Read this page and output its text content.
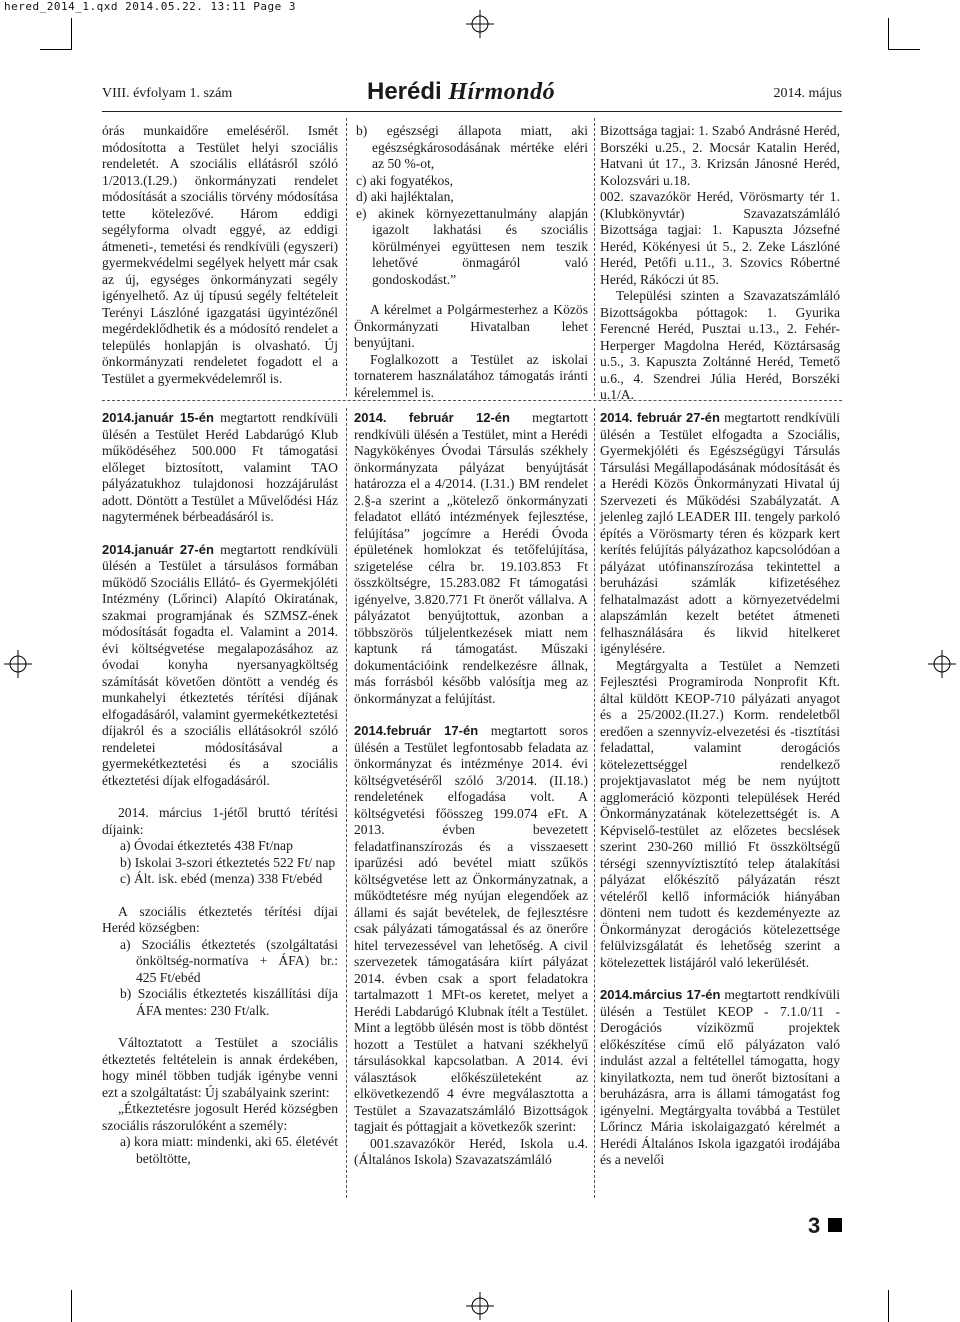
hered_2014_1.qxd 2014.05.22. 13:11 Page 3
VIII. évfolyam 1. szám	Herédi Hírmondó	2014. május

órás munkaidőre emeléséről. Ismét módosította a Testület helyi szociális rendeletét. A szociális ellátásról szóló 1/2013.(I.29.) önkormányzati rendelet módosítását a szociális törvény módosítása tette kötelezővé. Három eddigi segélyforma olvadt eggyé, az eddigi átmeneti-, temetési és rendkívüli (egyszeri) gyermekvédelmi segélyek helyett már csak az új, egységes önkormányzati segély igényelhető. Az új típusú segély feltételeit Terényi Lászlóné igazgatási ügyintézőnél megérdeklődhetik és a módosító rendelet a település honlapján is olvasható. Új önkormányzati rendeletet fogadott el a Testület a gyermekvédelemről is.

b) egészségi állapota miatt, aki egészségkárosodásának mértéke eléri az 50 %-ot,

c) aki fogyatékos,

d) aki hajléktalan,

e) akinek környezettanulmány alapján igazolt lakhatási és szociális körülményei együttesen nem teszik lehetővé önmagáról való gondoskodást.”

A kérelmet a Polgármesterhez a Közös Önkormányzati Hivatalban lehet benyújtani.

Foglalkozott a Testület az iskolai tornaterem használatához támogatás iránti kérelemmel is.

Bizottsága tagjai: 1. Szabó Andrásné Heréd, Borszéki u.25., 2. Mocsár Katalin Heréd, Hatvani út 17., 3. Krizsán Jánosné Heréd, Kolozsvári u.18.

002. szavazókör Heréd, Vörösmarty tér 1. (Klubkönyvtár) Szavazatszámláló Bizottsága tagjai: 1. Kapuszta Józsefné Heréd, Kökényesi út 5., 2. Zeke Lászlóné Heréd, Petőfi u.11., 3. Szovics Róbertné Heréd, Rákóczi út 85.

Települési szinten a Szavazatszámláló Bizottságokba póttagok: 1. Gyurika Ferencné Heréd, Pusztai u.13., 2. Fehér-Herperger Magdolna Heréd, Köztársaság u.5., 3. Kapuszta Zoltánné Heréd, Temető u.6., 4. Szendrei Júlia Heréd, Borszéki u.1/A.

2014.január 15-én megtartott rendkívüli ülésén a Testület Heréd Labdarúgó Klub működéséhez 500.000 Ft támogatási előleget biztosított, valamint TAO pályázatukhoz tulajdonosi hozzájárulást adott. Döntött a Testület a Művelődési Ház nagytermének bérbeadásáról is.

2014.január 27-én megtartott rendkívüli ülésén a Testület a társulásos formában működő Szociális Ellátó- és Gyermekjóléti Intézmény (Lőrinci) Alapító Okiratának, szakmai programjának és SZMSZ-ének módosítását fogadta el. Valamint a 2014. évi költségvetése megalapozásához az óvodai konyha nyersanyagköltség számítását követően döntött a vendég és munkahelyi étkeztetés térítési díjának elfogadásáról, valamint gyermekétkeztetési díjakról és a szociális ellátásokról szóló rendeletei módosításával a gyermekétkeztetési és a szociális étkeztetési díjak elfogadásáról.

2014. március 1-jétől bruttó térítési díjaink:

a) Óvodai étkeztetés 438 Ft/nap

b) Iskolai 3-szori étkeztetés 522 Ft/ nap

c) Ált. isk. ebéd (menza) 338 Ft/ebéd

A szociális étkeztetés térítési díjai Heréd községben:

a) Szociális étkeztetés (szolgáltatási önköltség-normatíva + ÁFA) br.: 425 Ft/ebéd

b) Szociális étkeztetés kiszállítási díja ÁFA mentes: 230 Ft/alk.

Változtatott a Testület a szociális étkeztetés feltételein is annak érdekében, hogy minél többen tudják igénybe venni ezt a szolgáltatást: Új szabályaink szerint:

„Étkeztetésre jogosult Heréd községben szociális rászorulóként a személy:

a) kora miatt: mindenki, aki 65. életévét betöltötte,

2014. február 12-én megtartott rendkívüli ülésén a Testület, mint a Herédi Nagykökényes Óvodai Társulás székhely önkormányzata pályázat benyújtását határozza el a 4/2014. (I.31.) BM rendelet 2.§-a szerint a „kötelező önkormányzati feladatot ellátó intézmények fejlesztése, felújítása” jogcímre a Herédi Óvoda épületének homlokzat és tetőfelújítása, szigetelése célra br. 19.103.853 Ft összköltségre, 15.283.082 Ft támogatási igényelve, 3.820.771 Ft önerőt vállalva. A pályázatot benyújtottuk, azonban a többszörös túljelentkezések miatt nem kaptunk rá támogatást. Műszaki dokumentációink rendelkezésre állnak, más forrásból később valósítja meg az önkormányzat a felújítást.

2014.február 17-én megtartott soros ülésén a Testület legfontosabb feladata az önkormányzat és intézménye 2014. évi költségvetéséről szóló 3/2014. (II.18.) rendeletének elfogadása volt. A költségvetési főösszeg 199.074 eFt. A 2013. évben bevezetett feladatfinanszírozás és a visszaesett iparűzési adó bevétel miatt szűkös költségvetése lett az Önkormányzatnak, a működtetésre még nyújan elegendőek az állami és saját bevételek, de fejlesztésre csak pályázati támogatással és az önerőre hitel tervezessével van lehetőség. A civil szervezetek támogatására kiírt pályázat 2014. évben csak a sport feladatokra tartalmazott 1 MFt-os keretet, melyet a Herédi Labdarúgó Klubnak ítélt a Testület. Mint a legtöbb ülésén most is több döntést hozott a Testület a hatvani székhelyű társulásokkal kapcsolatban. A 2014. évi választások előkészületeként az elkövetkezendő 4 évre megválasztotta a Testület a Szavazatszámláló Bizottságok tagjait és póttagjait a következők szerint:

001.szavazókör Heréd, Iskola u.4. (Általános Iskola) Szavazatszámláló

2014. február 27-én megtartott rendkívüli ülésén a Testület elfogadta a Szociális, Gyermekjóléti és Egészségügyi Társulás Társulási Megállapodásának módosítását és a Herédi Közös Önkormányzati Hivatal új Szervezeti és Működési Szabályzatát. A jelenleg zajló LEADER III. tengely parkoló építés a Vörösmarty téren és közpark kert kerítés felújítás pályázathoz kapcsolódóan a pályázat utófinanszírozása tekintettel a beruházási számlák kifizetéséhez felhatalmazást adott a környezetvédelmi alapszámlán kezelt betétet átmeneti felhasználására és likvid hitelkeret igénylésére.

Megtárgyalta a Testület a Nemzeti Fejlesztési Programiroda Nonprofit Kft. által küldött KEOP-710 pályázati anyagot és a 25/2002.(II.27.) Korm. rendeletből eredően a szennyvíz-elvezetési és -tisztítási feladattal, valamint derogációs kötelezettséggel rendelkező projektjavaslatot még be nem nyújtott agglomeráció központi települések Heréd Önkormányzatának kötelezettségét is. A Képviselő-testület az előzetes becslések szerint 230-260 millió Ft összköltségű térségi szennyvíztisztító telep átalakítási pályázat előkészítő pályázatán részt vételéről kellő információk hiányában dönteni nem tudott és kezdeményezte az Önkormányzat derogációs kötelezettsége felülvizsgálatát és lehetőség szerint a kötelezettek listájáról való lekerülését.

2014.március 17-én megtartott rendkívüli ülésén a Testület KEOP - 7.1.0/11 - Derogációs víziközmű projektek előkészítése című elő pályázaton való indulást azzal a feltétellel támogatta, hogy kinyilatkozta, nem tud önerőt biztosítani a beruházásra, arra is állami támogatást fog igényelni. Megtárgyalta továbbá a Testület Lőrincz Mária iskolaigazgató kérelmét a Herédi Általános Iskola igazgatói irodájába és a nevelői

3
